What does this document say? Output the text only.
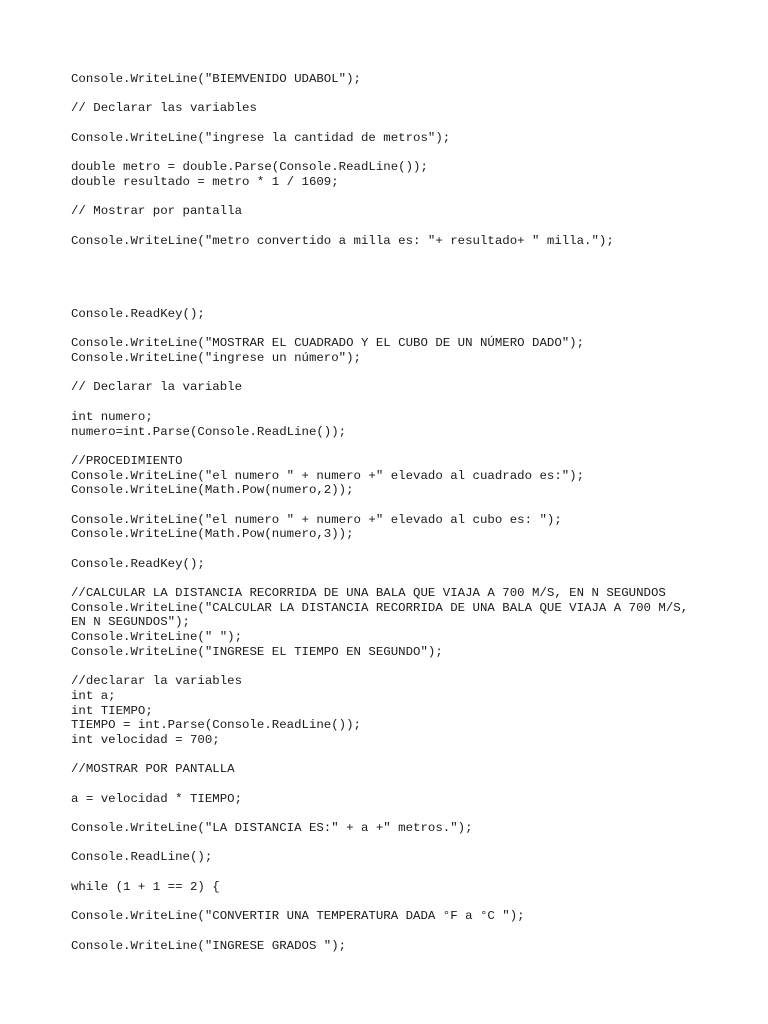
Console.WriteLine("BIEMVENIDO UDABOL");
// Declarar las variables
Console.WriteLine("ingrese la cantidad de metros");
double metro = double.Parse(Console.ReadLine());
double resultado = metro * 1 / 1609;
// Mostrar por pantalla
Console.WriteLine("metro convertido a milla es: "+ resultado+ " milla.");
Console.ReadKey();
Console.WriteLine("MOSTRAR EL CUADRADO Y EL CUBO DE UN NÚMERO DADO");
Console.WriteLine("ingrese un número");
// Declarar la variable
int numero;
numero=int.Parse(Console.ReadLine());
//PROCEDIMIENTO
Console.WriteLine("el numero " + numero +" elevado al cuadrado es:");
Console.WriteLine(Math.Pow(numero,2));
Console.WriteLine("el numero " + numero +" elevado al cubo es: ");
Console.WriteLine(Math.Pow(numero,3));
Console.ReadKey();
//CALCULAR LA DISTANCIA RECORRIDA DE UNA BALA QUE VIAJA A 700 M/S, EN N SEGUNDOS
Console.WriteLine("CALCULAR LA DISTANCIA RECORRIDA DE UNA BALA QUE VIAJA A 700 M/S,
EN N SEGUNDOS");
Console.WriteLine(" ");
Console.WriteLine("INGRESE EL TIEMPO EN SEGUNDO");
//declarar la variables
int a;
int TIEMPO;
TIEMPO = int.Parse(Console.ReadLine());
int velocidad = 700;
//MOSTRAR POR PANTALLA
a = velocidad * TIEMPO;
Console.WriteLine("LA DISTANCIA ES:" + a +" metros.");
Console.ReadLine();
while (1 + 1 == 2) {
Console.WriteLine("CONVERTIR UNA TEMPERATURA DADA °F a °C ");
Console.WriteLine("INGRESE GRADOS ");
